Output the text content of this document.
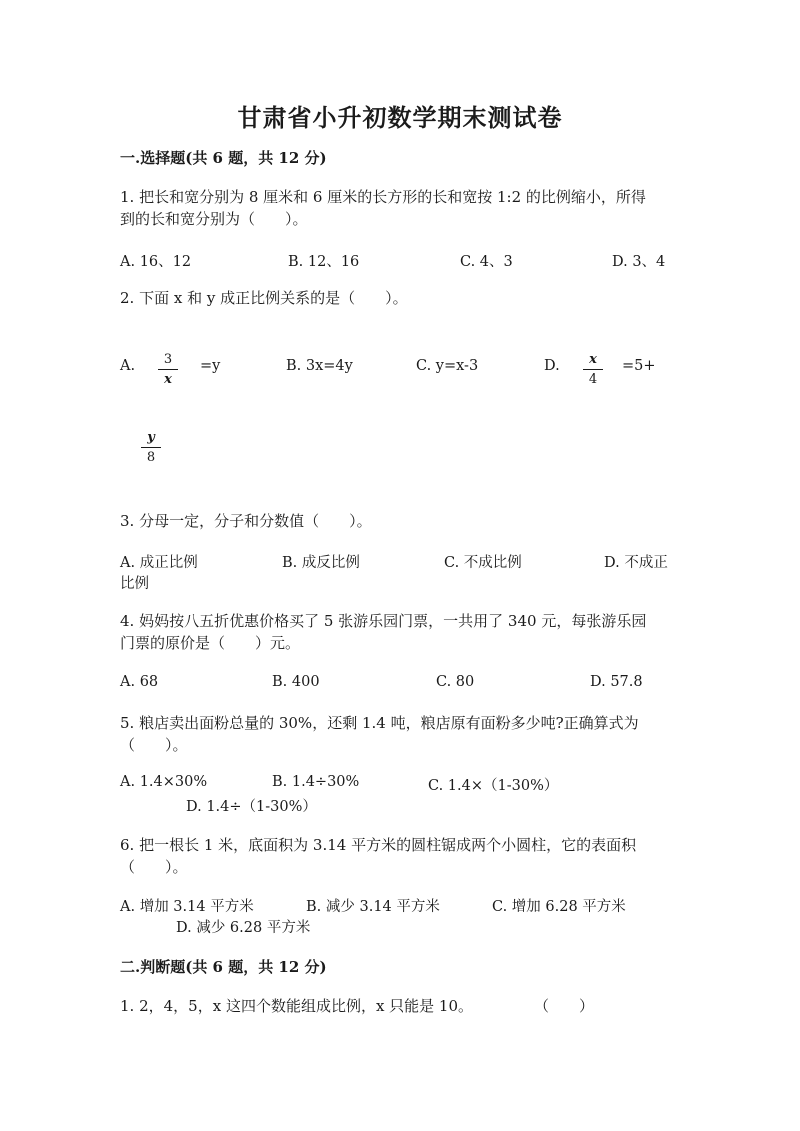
甘肃省小升初数学期末测试卷
一.选择题(共 6 题，共 12 分)
1. 把长和宽分别为 8 厘米和 6 厘米的长方形的长和宽按 1:2 的比例缩小，所得
到的长和宽分别为（　　）。
A. 16、12	B. 12、16	C. 4、3	D. 3、4
2. 下面 x 和 y 成正比例关系的是（　　）。
A.	3
x
=y	B. 3x=4y	C. y=x-3	D.	x
4
=5+
y
8
3. 分母一定，分子和分数值（　　）。
A. 成正比例	B. 成反比例	C. 不成比例	D. 不成正
比例
4. 妈妈按八五折优惠价格买了 5 张游乐园门票，一共用了 340 元，每张游乐园
门票的原价是（　　）元。
A. 68	B. 400	C. 80	D. 57.8
5. 粮店卖出面粉总量的 30%，还剩 1.4 吨，粮店原有面粉多少吨?正确算式为
（　　）。
A. 1.4×30%	B. 1.4÷30%	C. 1.4×（1-30%）
D. 1.4÷（1-30%）
6. 把一根长 1 米，底面积为 3.14 平方米的圆柱锯成两个小圆柱，它的表面积
（　　）。
A. 增加 3.14 平方米	B. 减少 3.14 平方米	C. 增加 6.28 平方米
D. 减少 6.28 平方米
二.判断题(共 6 题，共 12 分)
1. 2，4，5，x 这四个数能组成比例，x 只能是 10。	（　　）
